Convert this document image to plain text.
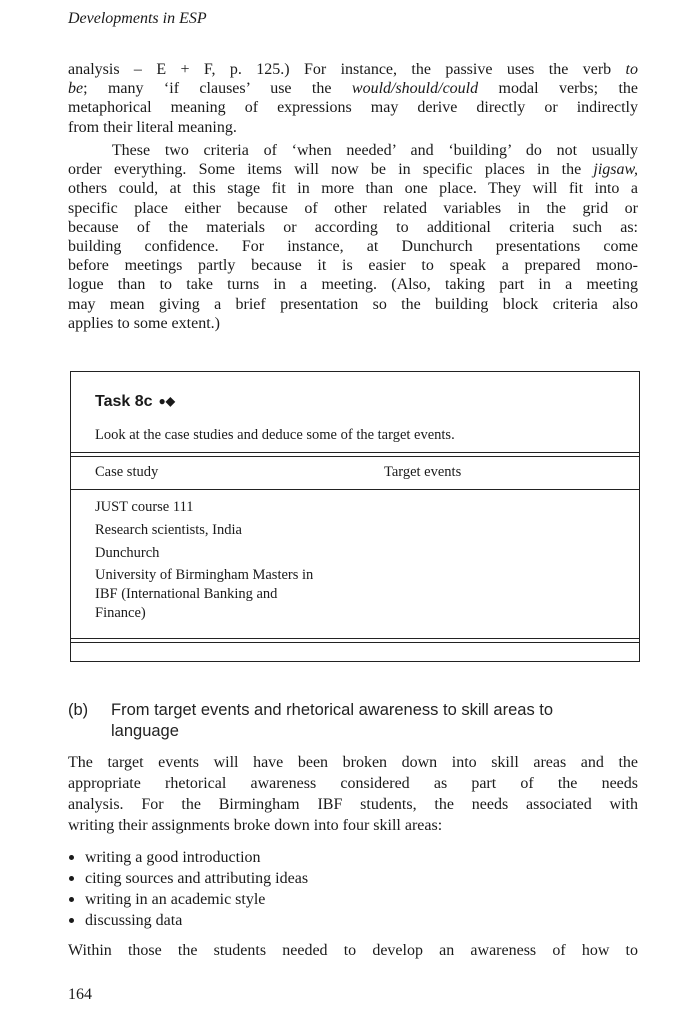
Developments in ESP
analysis – E + F, p. 125.) For instance, the passive uses the verb to
be; many ‘if clauses’ use the would/should/could modal verbs; the
metaphorical meaning of expressions may derive directly or indirectly
from their literal meaning.
These two criteria of ‘when needed’ and ‘building’ do not usually
order everything. Some items will now be in specific places in the jigsaw,
others could, at this stage fit in more than one place. They will fit into a
specific place either because of other related variables in the grid or
because of the materials or according to additional criteria such as:
building confidence. For instance, at Dunchurch presentations come
before meetings partly because it is easier to speak a prepared mono-
logue than to take turns in a meeting. (Also, taking part in a meeting
may mean giving a brief presentation so the building block criteria also
applies to some extent.)
Task 8c ●◆
Look at the case studies and deduce some of the target events.
Case study	Target events
JUST course 111
Research scientists, India
Dunchurch
University of Birmingham Masters in
IBF (International Banking and
Finance)
(b) From target events and rhetorical awareness to skill areas to
language
The target events will have been broken down into skill areas and the
appropriate rhetorical awareness considered as part of the needs
analysis. For the Birmingham IBF students, the needs associated with
writing their assignments broke down into four skill areas:
writing a good introduction
citing sources and attributing ideas
writing in an academic style
discussing data
Within those the students needed to develop an awareness of how to
164
